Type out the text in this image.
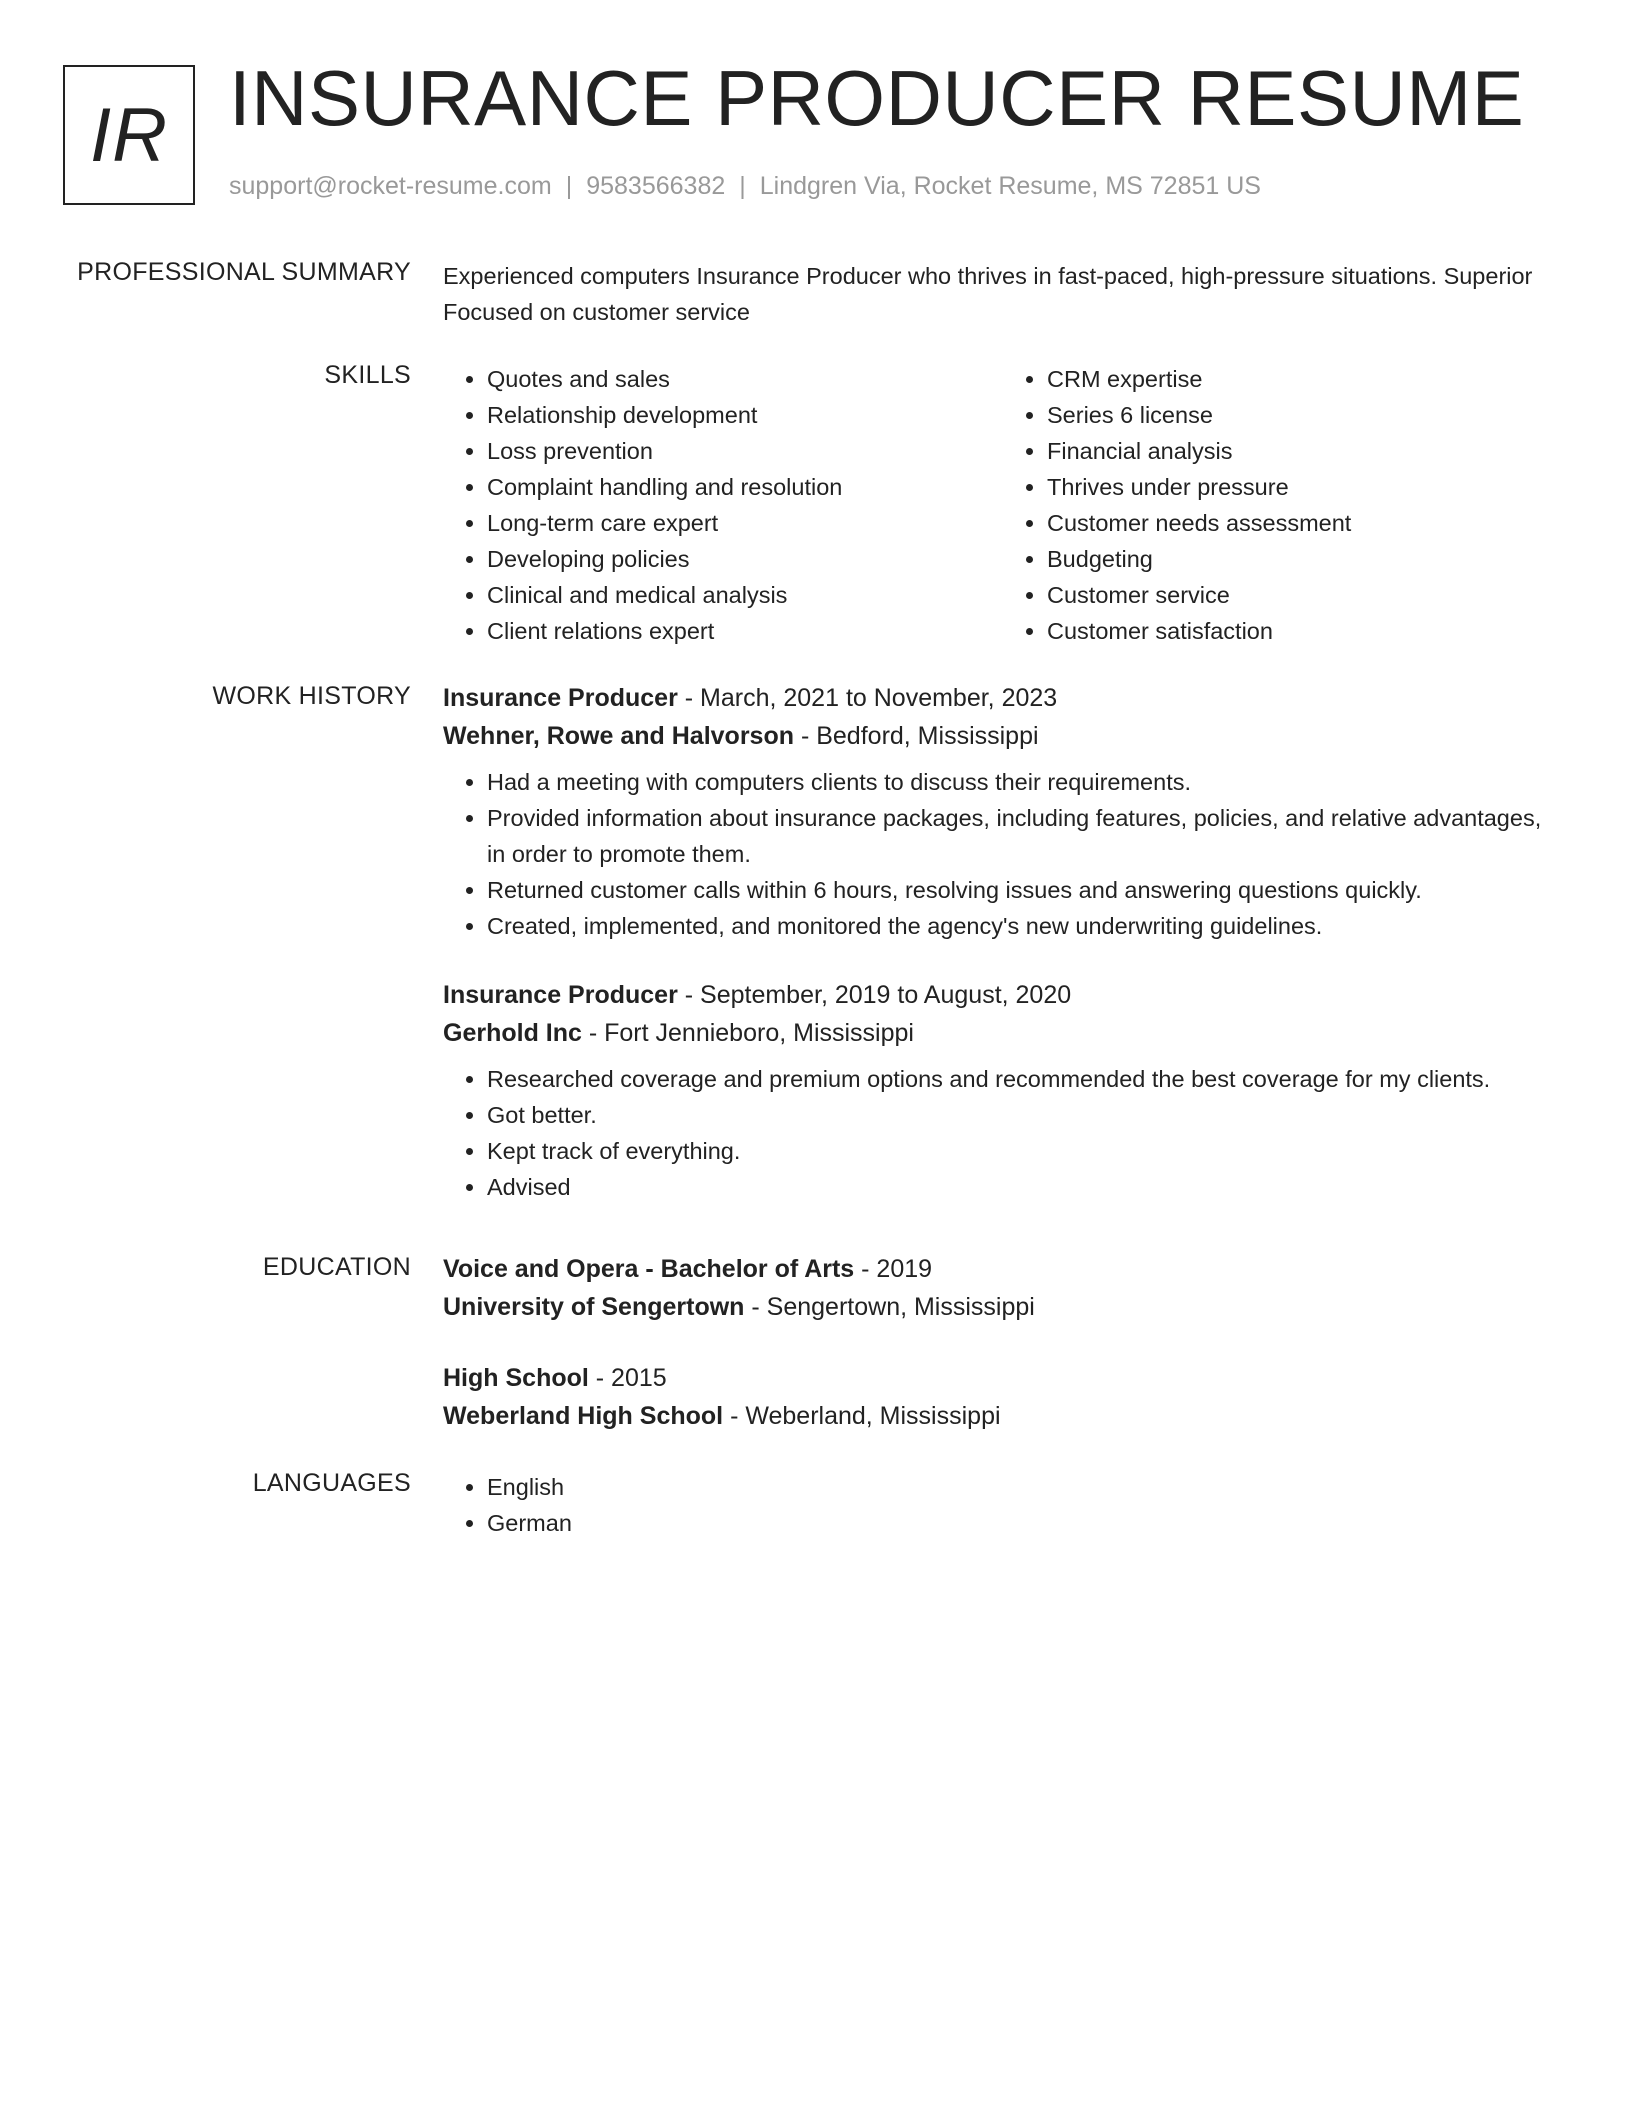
IR INSURANCE PRODUCER RESUME
support@rocket-resume.com | 9583566382 | Lindgren Via, Rocket Resume, MS 72851 US
PROFESSIONAL SUMMARY Experienced computers Insurance Producer who thrives in fast-paced, high-pressure situations. Superior Focused on customer service
SKILLS	• Quotes and sales
• Relationship development
• Loss prevention
• Complaint handling and resolution
• Long-term care expert
• Developing policies
• Clinical and medical analysis
• Client relations expert
• CRM expertise
• Series 6 license
• Financial analysis
• Thrives under pressure
• Customer needs assessment
• Budgeting
• Customer service
• Customer satisfaction
WORK HISTORY Insurance Producer - March, 2021 to November, 2023
Wehner, Rowe and Halvorson - Bedford, Mississippi
• Had a meeting with computers clients to discuss their requirements.
• Provided information about insurance packages, including features, policies, and relative advantages, in order to promote them.
• Returned customer calls within 6 hours, resolving issues and answering questions quickly.
• Created, implemented, and monitored the agency's new underwriting guidelines.
Insurance Producer - September, 2019 to August, 2020
Gerhold Inc - Fort Jennieboro, Mississippi
• Researched coverage and premium options and recommended the best coverage for my clients.
• Got better.
• Kept track of everything.
• Advised
EDUCATION Voice and Opera - Bachelor of Arts - 2019
University of Sengertown - Sengertown, Mississippi
High School - 2015
Weberland High School - Weberland, Mississippi
LANGUAGES	• English
• German
